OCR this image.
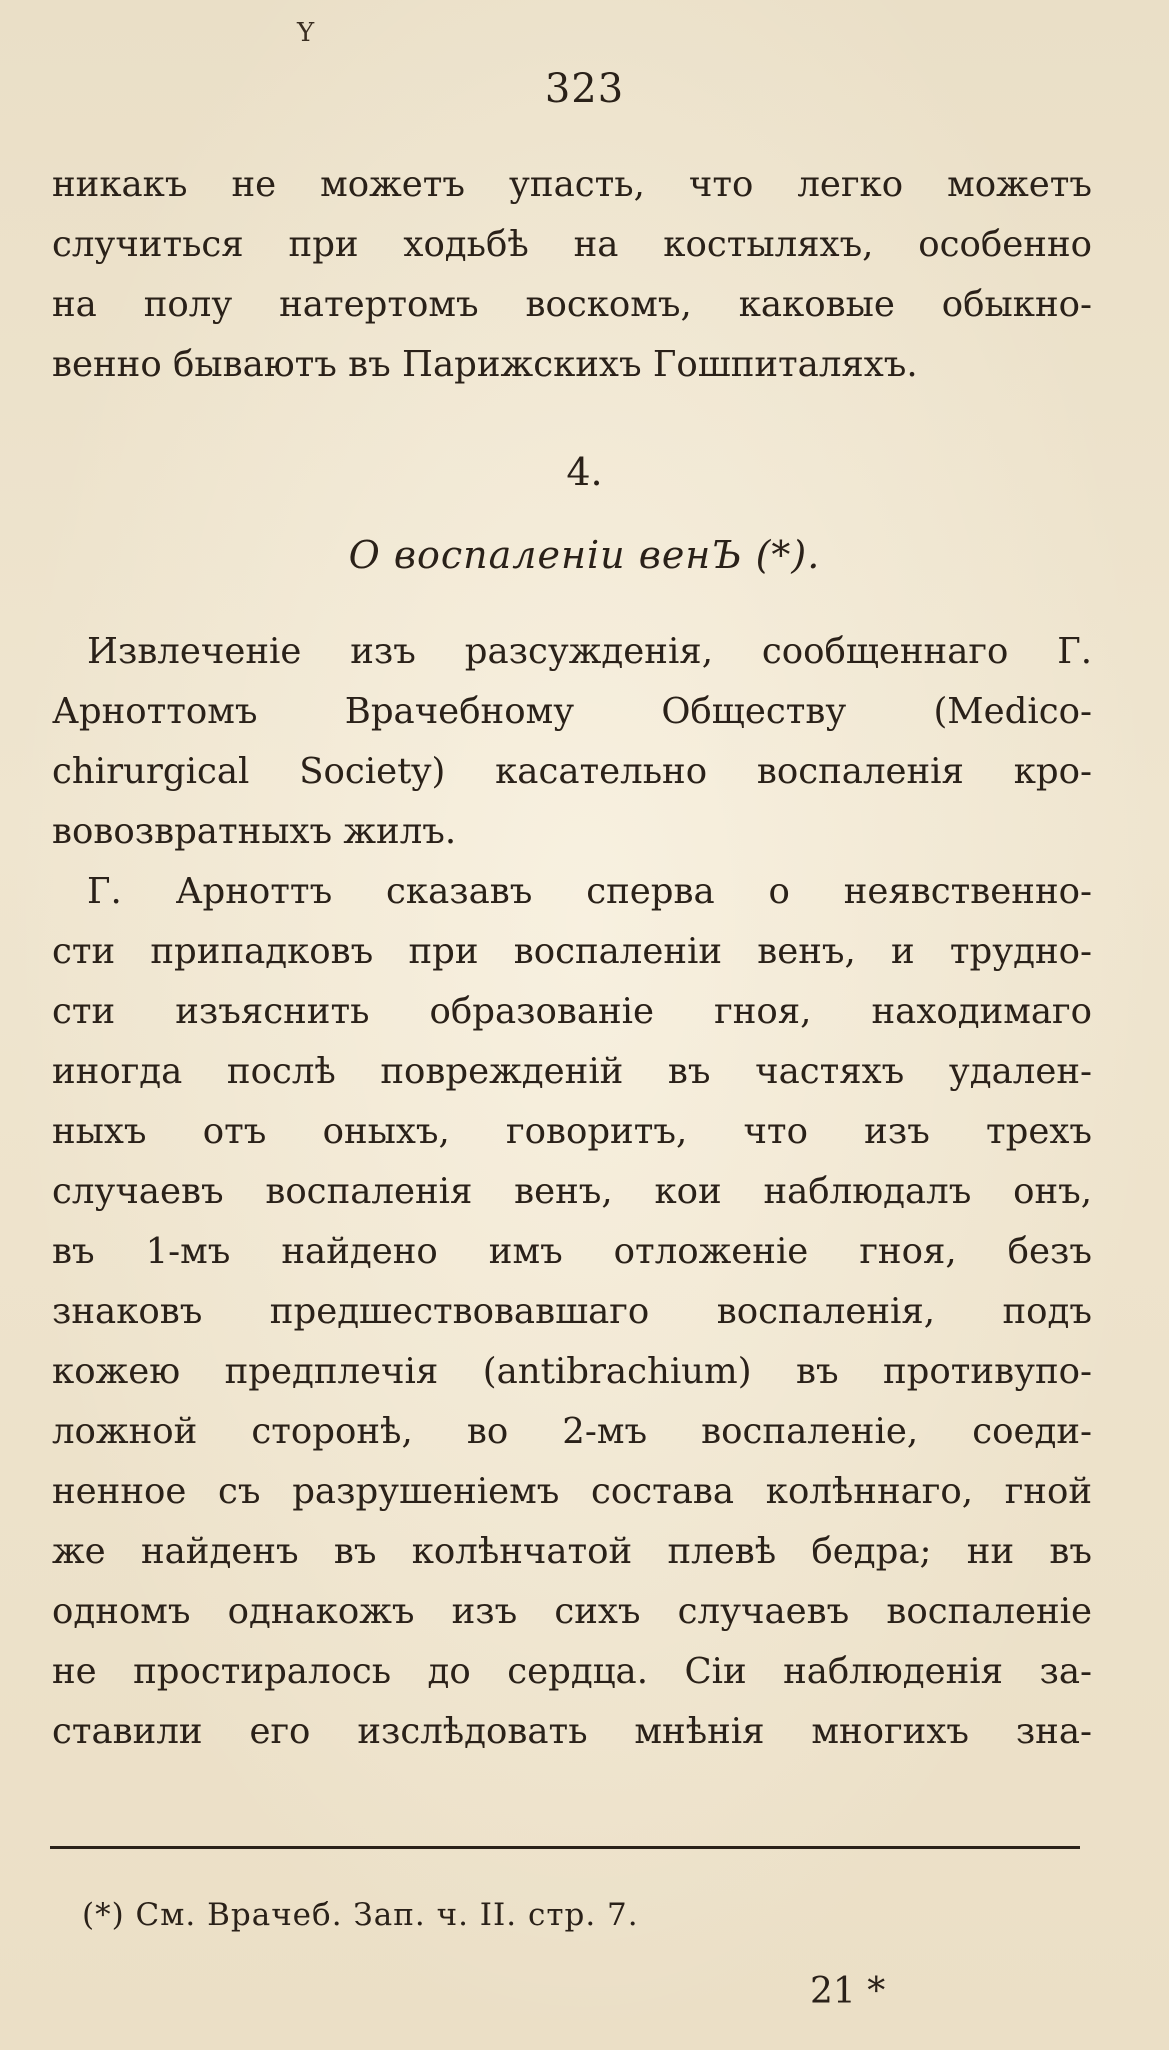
Y
323
никакъ не можетъ упасть, что легко можетъ
случиться при ходьбѣ на костыляхъ, особенно
на полу натертомъ воскомъ, каковые обыкно-
венно бываютъ въ Парижскихъ Гошпиталяхъ.
4.
О воспаленіи венЪ (*).
Извлеченіе изъ разсужденія, сообщеннаго Г.
Арноттомъ Врачебному Обществу (Medico-
chirurgical Society) касательно воспаленія кро-
вовозвратныхъ жилъ.
Г. Арноттъ сказавъ сперва о неявственно-
сти припадковъ при воспаленіи венъ, и трудно-
сти изъяснить образованіе гноя, находимаго
иногда послѣ поврежденій въ частяхъ удален-
ныхъ отъ оныхъ, говоритъ, что изъ трехъ
случаевъ воспаленія венъ, кои наблюдалъ онъ,
въ 1-мъ найдено имъ отложеніе гноя, безъ
знаковъ предшествовавшаго воспаленія, подъ
кожею предплечія (antibrachium) въ противупо-
ложной сторонѣ, во 2-мъ воспаленіе, соеди-
ненное съ разрушеніемъ состава колѣннаго, гной
же найденъ въ колѣнчатой плевѣ бедра; ни въ
одномъ однакожъ изъ сихъ случаевъ воспаленіе
не простиралось до сердца. Сіи наблюденія за-
ставили его изслѣдовать мнѣнія многихъ зна-
(*) См. Врачеб. Зап. ч. II. стр. 7.
21 *
